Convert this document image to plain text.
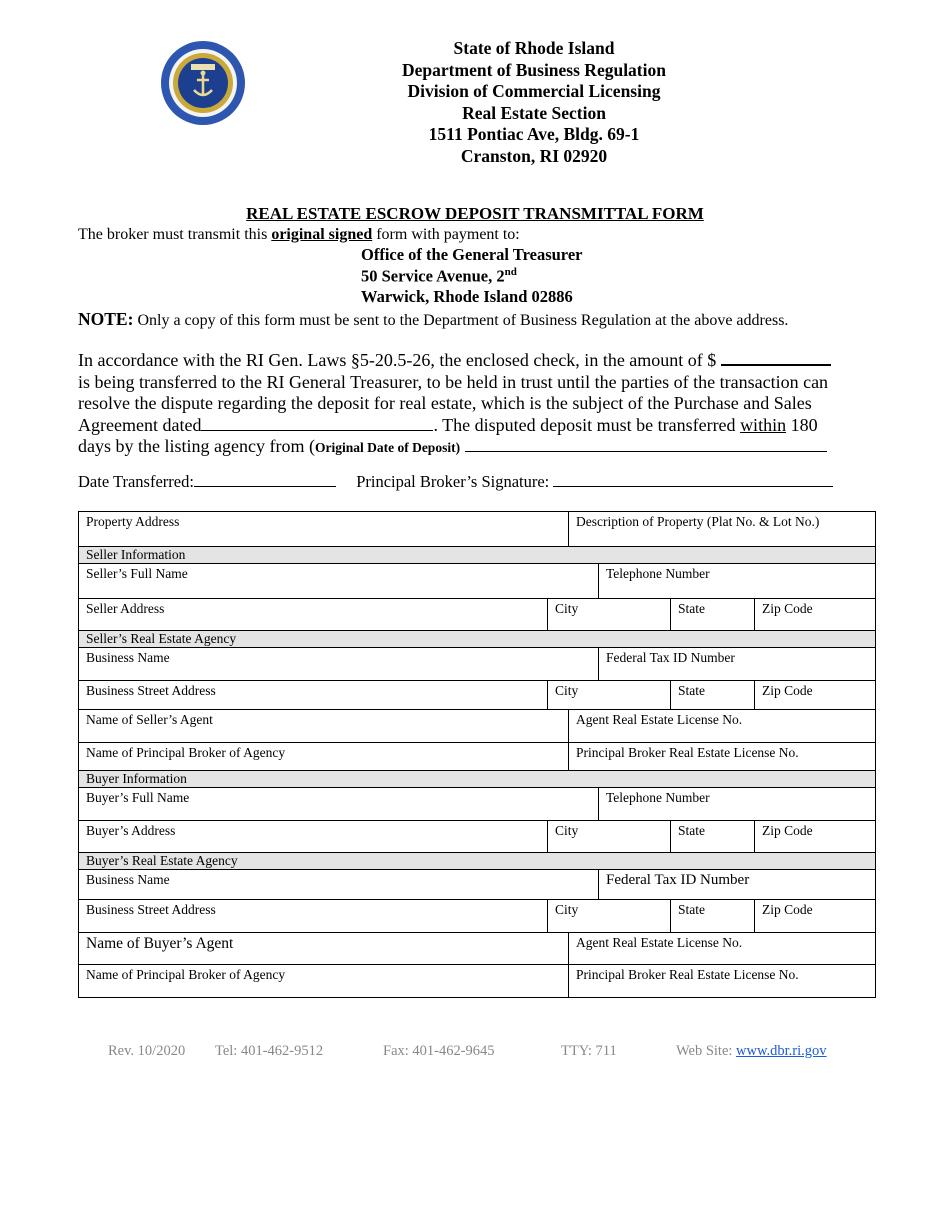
State of Rhode Island
Department of Business Regulation
Division of Commercial Licensing
Real Estate Section
1511 Pontiac Ave, Bldg. 69-1
Cranston, RI 02920
REAL ESTATE ESCROW DEPOSIT TRANSMITTAL FORM
The broker must transmit this original signed form with payment to:
Office of the General Treasurer
50 Service Avenue, 2nd
Warwick, Rhode Island 02886
NOTE: Only a copy of this form must be sent to the Department of Business Regulation at the above address.
In accordance with the RI Gen. Laws §5-20.5-26, the enclosed check, in the amount of $
is being transferred to the RI General Treasurer, to be held in trust until the parties of the transaction can
resolve the dispute regarding the deposit for real estate, which is the subject of the Purchase and Sales
Agreement dated	. The disputed deposit must be transferred within 180
days by the listing agency from (Original Date of Deposit)
Date Transferred:	Principal Broker’s Signature:
Property Address		Description of Property (Plat No. & Lot No.)			
Seller Information					
Seller’s Full Name			Telephone Number		
Seller Address	City			State	Zip Code
Seller’s Real Estate Agency					
Business Name			Federal Tax ID Number		
Business Street Address	City			State	Zip Code
Name of Seller’s Agent		Agent Real Estate License No.			
Name of Principal Broker of Agency		Principal Broker Real Estate License No.			
Buyer Information					
Buyer’s Full Name			Telephone Number		
Buyer’s Address	City			State	Zip Code
Buyer’s Real Estate Agency					
Business Name			Federal Tax ID Number		
Business Street Address	City			State	Zip Code
Name of Buyer’s Agent		Agent Real Estate License No.			
Name of Principal Broker of Agency		Principal Broker Real Estate License No.			
Rev. 10/2020 Tel: 401-462-9512	Fax: 401-462-9645	TTY: 711	Web Site: www.dbr.ri.gov
